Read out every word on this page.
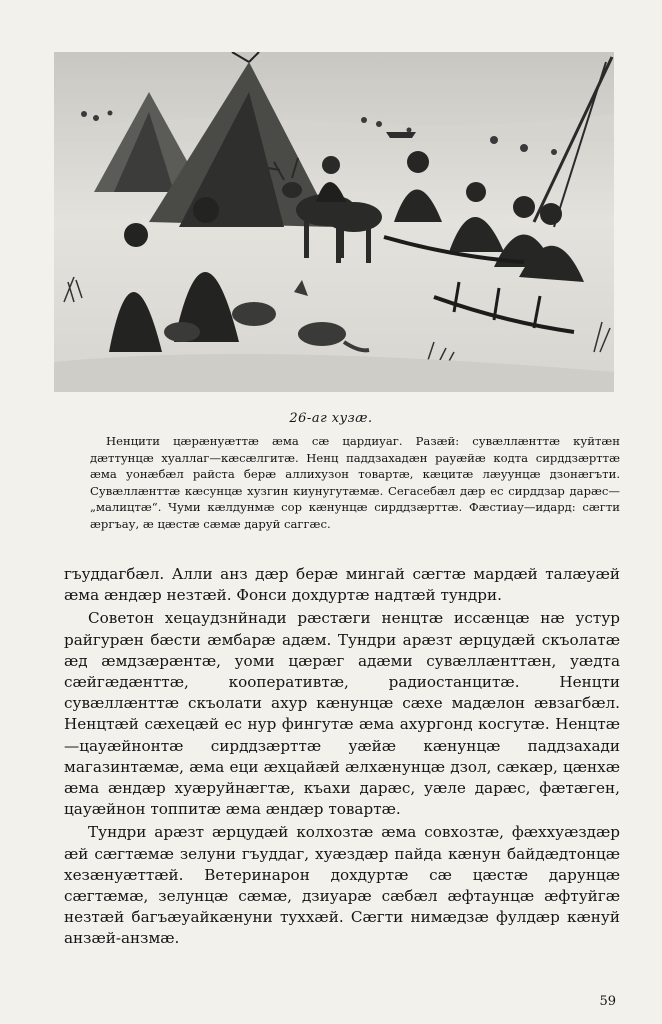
26-аг хузæ.

Ненцити цæрæнуæттæ æма сæ цардиуаг. Разæй: сувæллæнттæ куйтæн дæттунцæ хуаллаг—кæсæлгитæ. Ненц паддзахадæн рауæйæ кодта сирддзæрттæ æма уонæбæл райста берæ аллихузон товартæ, кæцитæ лæуунцæ дзонæгъти. Сувæллæнттæ кæсунцæ хузгин киунугутæмæ. Сегасебæл дæр ес сирддзар дарæс—„малицтæ“. Чуми кæлдунмæ сор кæнунцæ сирддзæрттæ. Фæстиау—идард: сæгти æргъау, æ цæстæ сæмæ даруй саггæс.

гъуддагбæл. Алли анз дæр берæ мингай сæгтæ мардæй талæуæй æма æндæр нeзтæй. Фонси дохдуртæ надтæй тундри.

Советон хецаудзнйнади рæстæги ненцтæ иссæнцæ нæ устур райгурæн бæсти æмбарæ адæм. Тундри арæзт æрцудæй скъолатæ æд æмдзæрæнтæ, уоми цæрæг адæми сувæллæнттæн, уæдта сæйгæдæнттæ, кооперативтæ, радиостанцитæ. Ненцти сувæллæнттæ скъолати ахур кæнунцæ сæхе мадæлон æвзагбæл. Ненцтæй сæхецæй ес нур фингутæ æма ахургонд косгутæ. Ненцтæ—цауæйнонтæ сирддзæрттæ уæйæ кæнунцæ паддзахади магазинтæмæ, æма еци æхцайæй æлхæнунцæ дзол, сæкæр, цæнхæ æма æндæр хуæруйнæгтæ, къахи дарæс, уæле дарæс, фæтæген, цауæйнон топпитæ æма æндæр товартæ.

Тундри арæзт æрцудæй колхозтæ æма совхозтæ, фæххуæздæр æй сæгтæмæ зелуни гъуддаг, хуæздæр пайда кæнун байдæдтонцæ хезæнуæттæй. Ветеринарон дохдуртæ сæ цæстæ дарунцæ сæгтæмæ, зелунцæ сæмæ, дзиуарæ сæбæл æфтаунцæ æфтуйгæ нeзтæй багъæуайкæнуни туххæй. Сæгти нимæдзæ фулдæр кæнуй анзæй-анзмæ.

59
